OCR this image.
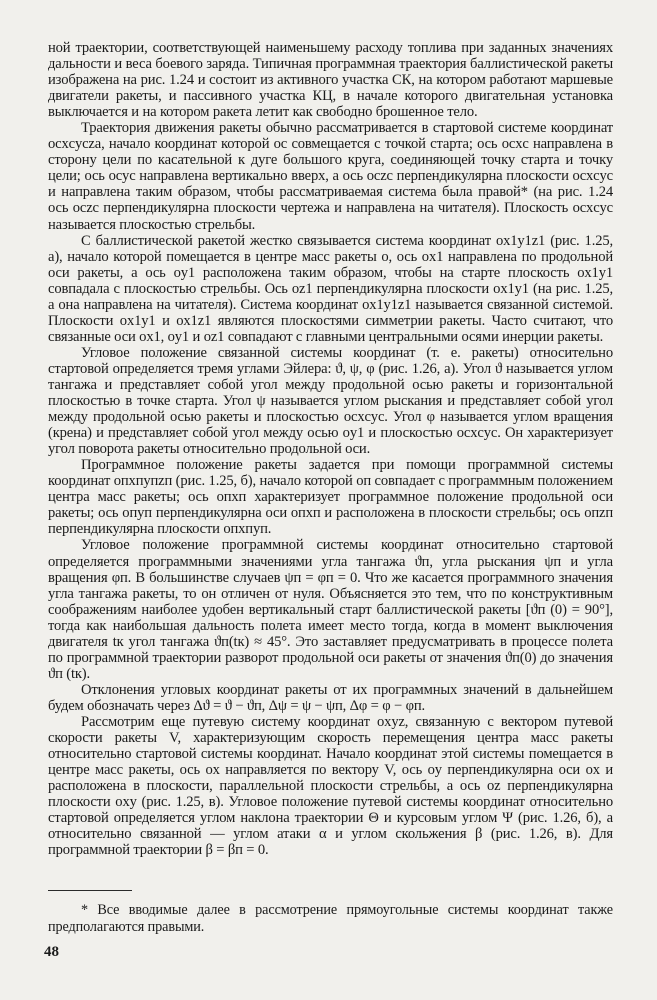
ной траектории, соответствующей наименьшему расходу топлива при заданных значениях дальности и веса боевого заряда. Типичная программная траектория баллистической ракеты изображена на рис. 1.24 и состоит из активного участка СК, на котором работают маршевые двигатели ракеты, и пассивного участка КЦ, в начале которого двигательная установка выключается и на котором ракета летит как свободно брошенное тело.

Траектория движения ракеты обычно рассматривается в стартовой системе координат ocxcycza, начало координат которой oc совмещается с точкой старта; ось ocxc направлена в сторону цели по касательной к дуге большого круга, соединяющей точку старта и точку цели; ось ocyc направлена вертикально вверх, а ось oczc перпендикулярна плоскости ocxcyc и направлена таким образом, чтобы рассматриваемая система была правой* (на рис. 1.24 ось oczc перпендикулярна плоскости чертежа и направлена на читателя). Плоскость ocxcyc называется плоскостью стрельбы.

С баллистической ракетой жестко связывается система координат ox1y1z1 (рис. 1.25, а), начало которой помещается в центре масс ракеты o, ось ox1 направлена по продольной оси ракеты, а ось oy1 расположена таким образом, чтобы на старте плоскость ox1y1 совпадала с плоскостью стрельбы. Ось oz1 перпендикулярна плоскости ox1y1 (на рис. 1.25, а она направлена на читателя). Система координат ox1y1z1 называется связанной системой. Плоскости ox1y1 и ox1z1 являются плоскостями симметрии ракеты. Часто считают, что связанные оси ox1, oy1 и oz1 совпадают с главными центральными осями инерции ракеты.

Угловое положение связанной системы координат (т. е. ракеты) относительно стартовой определяется тремя углами Эйлера: ϑ, ψ, φ (рис. 1.26, а). Угол ϑ называется углом тангажа и представляет собой угол между продольной осью ракеты и горизонтальной плоскостью в точке старта. Угол ψ называется углом рыскания и представляет собой угол между продольной осью ракеты и плоскостью ocxcyc. Угол φ называется углом вращения (крена) и представляет собой угол между осью oy1 и плоскостью ocxcyc. Он характеризует угол поворота ракеты относительно продольной оси.

Программное положение ракеты задается при помощи программной системы координат oпxпyпzп (рис. 1.25, б), начало которой oп совпадает с программным положением центра масс ракеты; ось oпxп характеризует программное положение продольной оси ракеты; ось oпyп перпендикулярна оси oпxп и расположена в плоскости стрельбы; ось oпzп перпендикулярна плоскости oпxпyп.

Угловое положение программной системы координат относительно стартовой определяется программными значениями угла тангажа ϑп, угла рыскания ψп и угла вращения φп. В большинстве случаев ψп = φп = 0. Что же касается программного значения угла тангажа ракеты, то он отличен от нуля. Объясняется это тем, что по конструктивным соображениям наиболее удобен вертикальный старт баллистической ракеты [ϑп (0) = 90°], тогда как наибольшая дальность полета имеет место тогда, когда в момент выключения двигателя tк угол тангажа ϑп(tк) ≈ 45°. Это заставляет предусматривать в процессе полета по программной траектории разворот продольной оси ракеты от значения ϑп(0) до значения ϑп (tк).

Отклонения угловых координат ракеты от их программных значений в дальнейшем будем обозначать через Δϑ = ϑ − ϑп, Δψ = ψ − ψп, Δφ = φ − φп.

Рассмотрим еще путевую систему координат oxyz, связанную с вектором путевой скорости ракеты V, характеризующим скорость перемещения центра масс ракеты относительно стартовой системы координат. Начало координат этой системы помещается в центре масс ракеты, ось ox направляется по вектору V, ось oy перпендикулярна оси ox и расположена в плоскости, параллельной плоскости стрельбы, а ось oz перпендикулярна плоскости oxy (рис. 1.25, в). Угловое положение путевой системы координат относительно стартовой определяется углом наклона траектории Θ и курсовым углом Ψ (рис. 1.26, б), а относительно связанной — углом атаки α и углом скольжения β (рис. 1.26, в). Для программной траектории β = βп = 0.

* Все вводимые далее в рассмотрение прямоугольные системы координат также предполагаются правыми.
48
